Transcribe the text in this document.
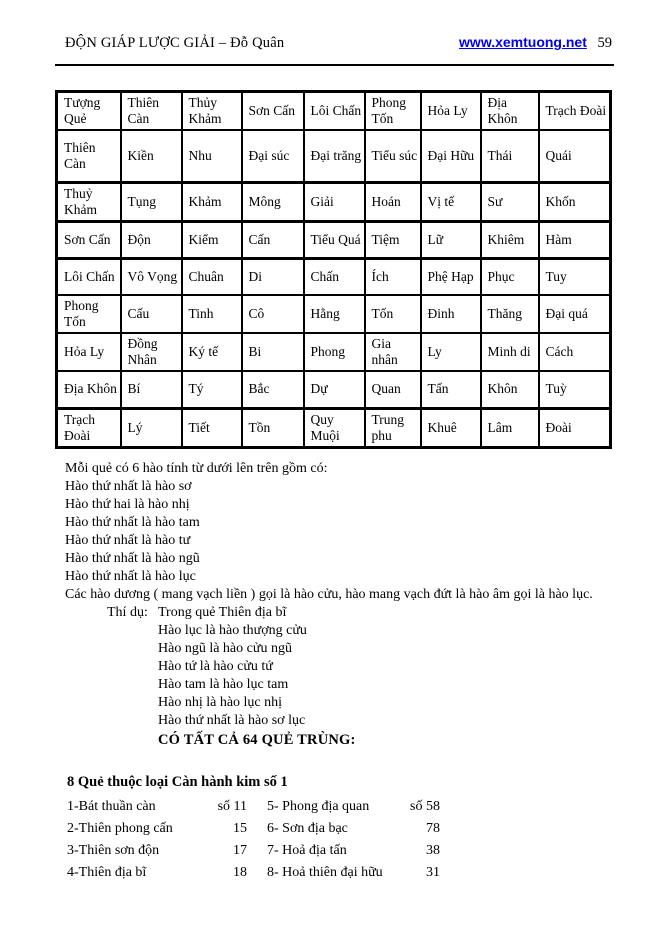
ĐỘN GIÁP LƯỢC GIẢI – Đỗ Quân	www.xemtuong.net 59
Tượng Quẻ	Thiên Càn	Thủy Khảm	Sơn Cấn	Lôi Chấn	Phong Tốn	Hỏa Ly	Địa Khôn	Trạch Đoài
Thiên Càn	Kiền	Nhu	Đại súc	Đại trăng	Tiểu súc	Đại Hữu	Thái	Quái
Thuỷ Khảm	Tụng	Khảm	Mông	Giải	Hoán	Vị tế	Sư	Khốn
Sơn Cấn	Độn	Kiểm	Cấn	Tiểu Quá	Tiệm	Lữ	Khiêm	Hàm
Lôi Chấn	Vô Vọng	Chuân	Di	Chấn	Ích	Phệ Hạp	Phục	Tuy
Phong Tốn	Cấu	Tinh	Cô	Hằng	Tốn	Đinh	Thăng	Đại quá
Hỏa Ly	Đồng Nhân	Ký tế	Bi	Phong	Gia nhân	Ly	Minh di	Cách
Địa Khôn	Bí	Tý	Bắc	Dự	Quan	Tấn	Khôn	Tuỳ
Trạch Đoài	Lý	Tiết	Tồn	Quy Muội	Trung phu	Khuê	Lâm	Đoài
Mỗi quẻ có 6 hào tính từ dưới lên trên gồm có:
Hào thứ nhất là hào sơ
Hào thứ hai là hào nhị
Hào thứ nhất là hào tam
Hào thứ nhất là hào tư
Hào thứ nhất là hào ngũ
Hào thứ nhất là hào lục
Các hào dương ( mang vạch liền ) gọi là hào cửu, hào mang vạch đứt là hào âm gọi là hào lục.
Thí dụ: Trong quẻ Thiên địa bĩ
Hào lục là hào thượng cửu
Hào ngũ là hào cửu ngũ
Hào tứ là hào cửu tứ
Hào tam là hào lục tam
Hào nhị là hào lục nhị
Hào thứ nhất là hào sơ lục
CÓ TẤT CẢ 64 QUẺ TRÙNG:
8 Quẻ thuộc loại Càn hành kim số 1
1-Bát thuần càn	số 11	5- Phong địa quan	số 58
2-Thiên phong cấn	15	6- Sơn địa bạc	78
3-Thiên sơn độn	17	7- Hoả địa tấn	38
4-Thiên địa bĩ	18	8- Hoả thiên đại hữu	31
